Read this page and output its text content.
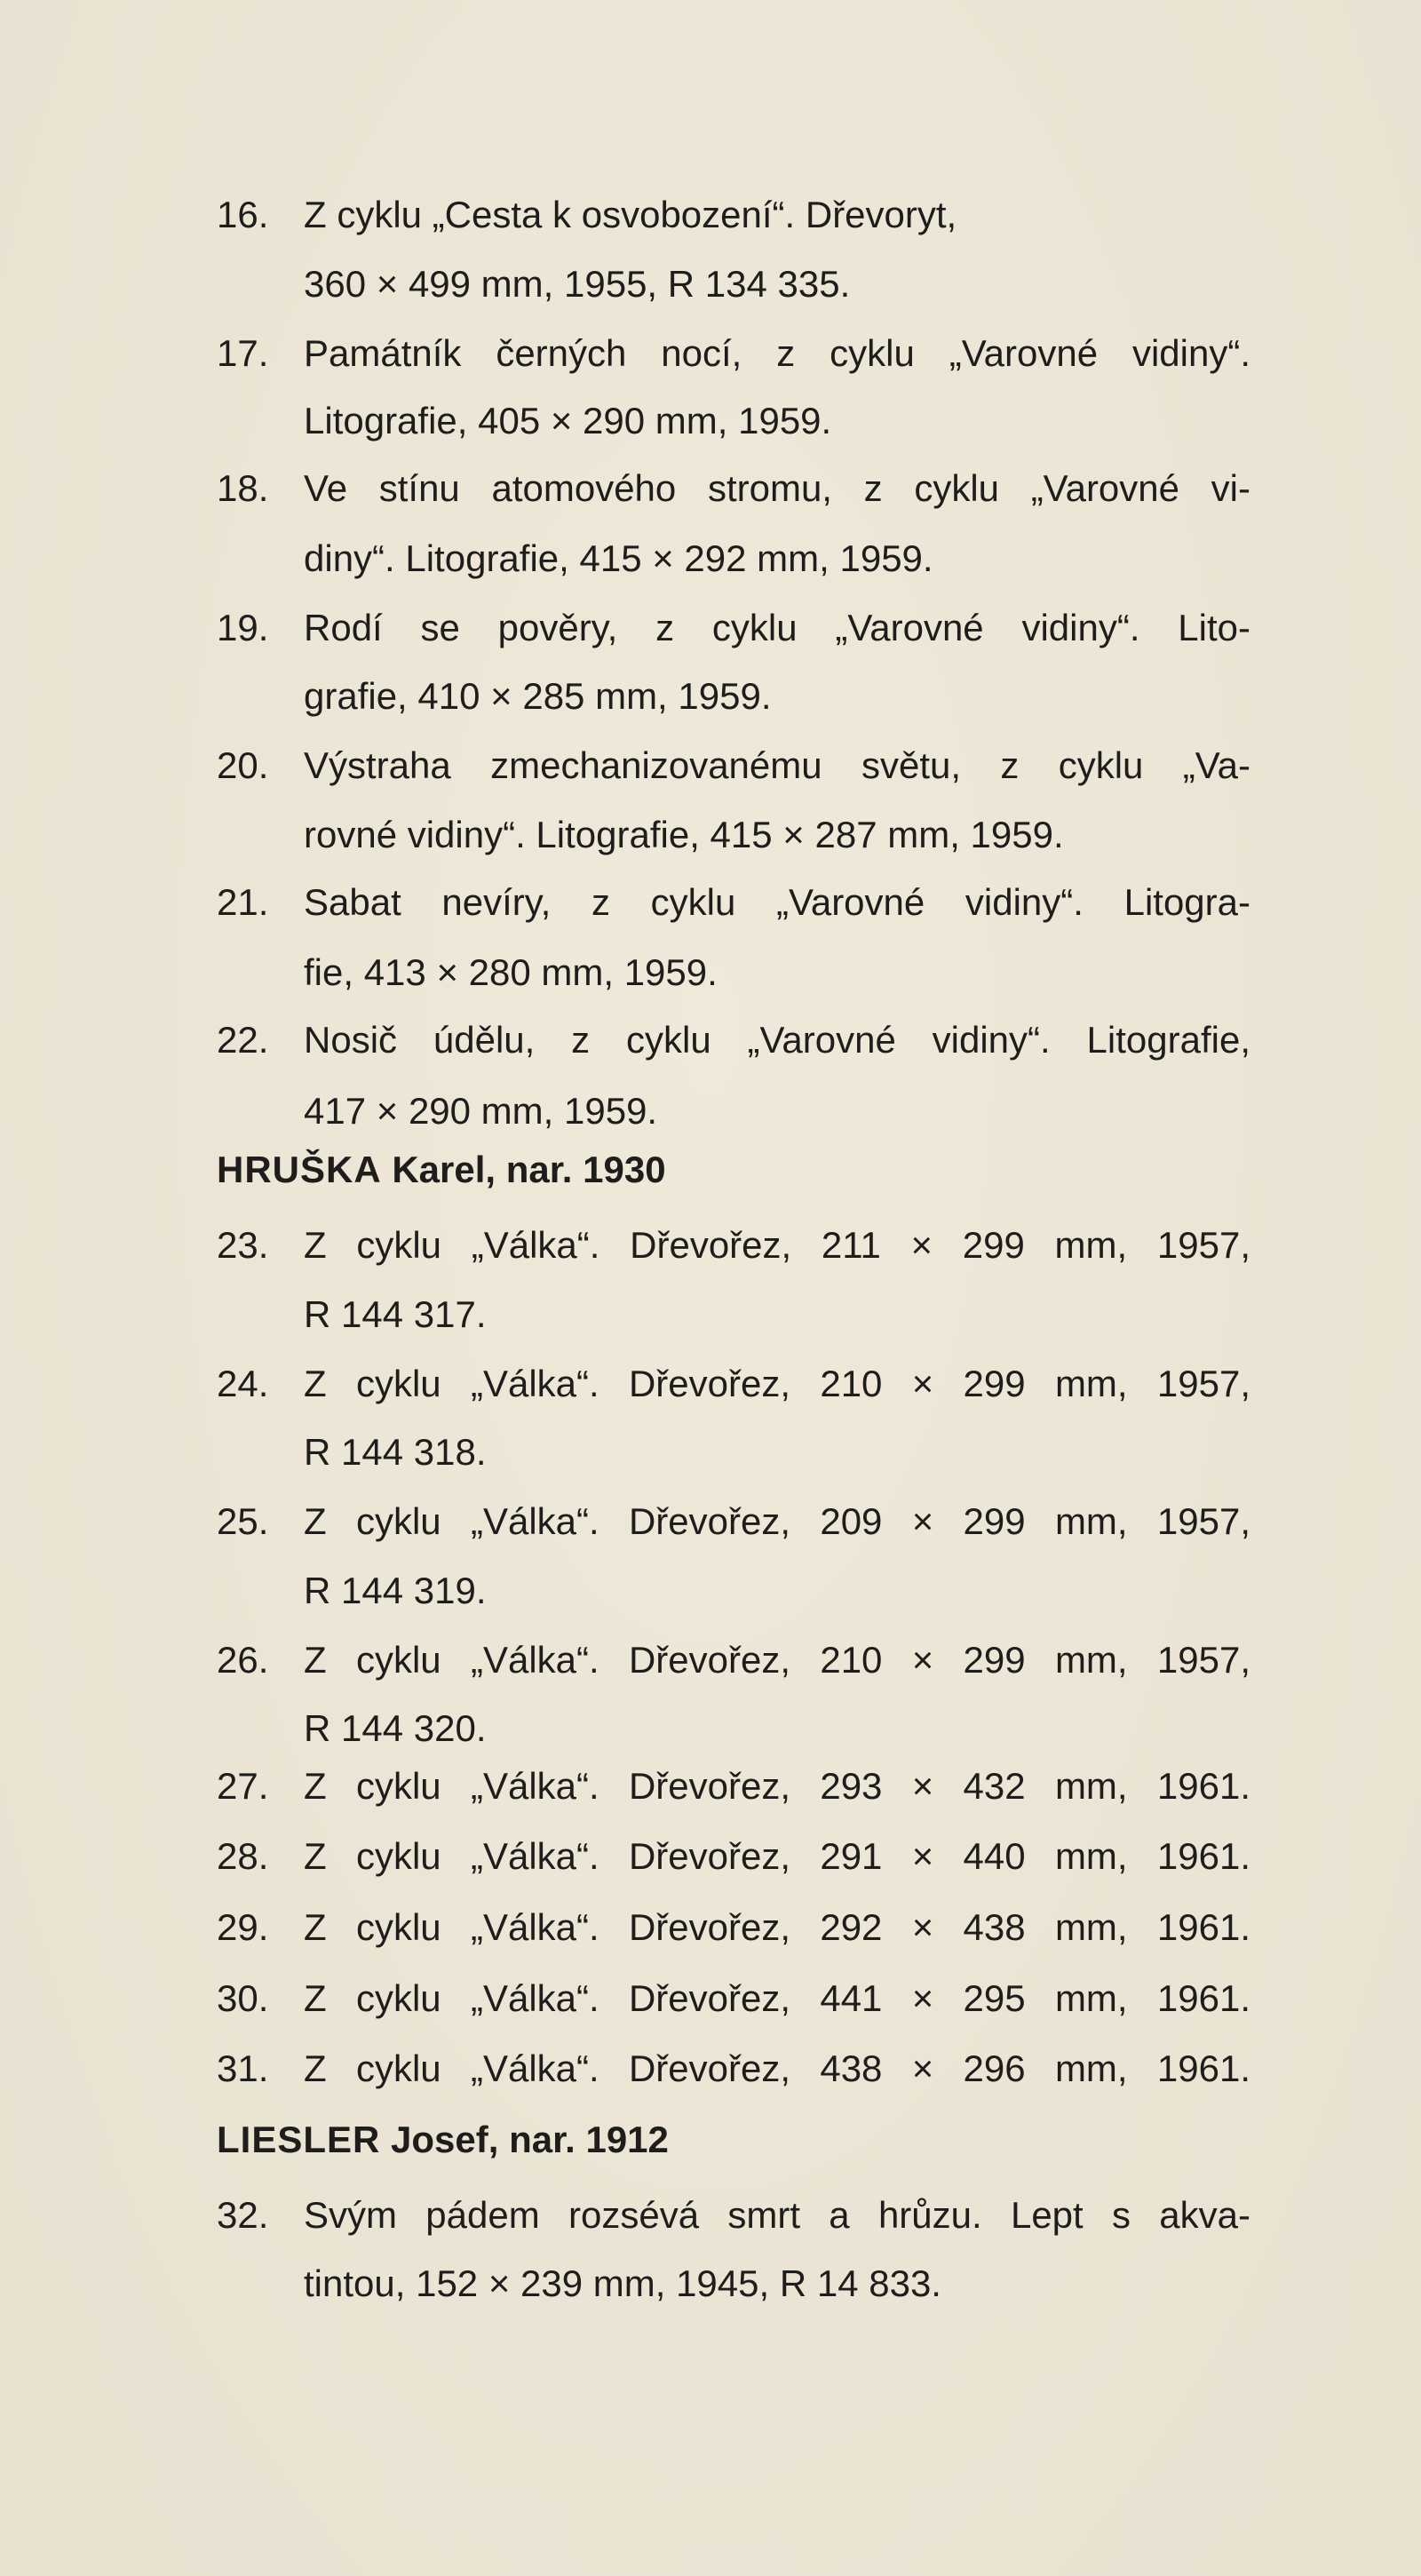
16. Z cyklu „Cesta k osvobození“. Dřevoryt,
360 × 499 mm, 1955, R 134 335.
17. Památník černých nocí, z cyklu „Varovné vidiny“.
Litografie, 405 × 290 mm, 1959.
18. Ve stínu atomového stromu, z cyklu „Varovné vi-
diny“. Litografie, 415 × 292 mm, 1959.
19. Rodí se pověry, z cyklu „Varovné vidiny“. Lito-
grafie, 410 × 285 mm, 1959.
20. Výstraha zmechanizovanému světu, z cyklu „Va-
rovné vidiny“. Litografie, 415 × 287 mm, 1959.
21. Sabat nevíry, z cyklu „Varovné vidiny“. Litogra-
fie, 413 × 280 mm, 1959.
22. Nosič údělu, z cyklu „Varovné vidiny“. Litografie,
417 × 290 mm, 1959.
HRUŠKA Karel, nar. 1930
23. Z cyklu „Válka“. Dřevořez, 211 × 299 mm, 1957,
R 144 317.
24. Z cyklu „Válka“. Dřevořez, 210 × 299 mm, 1957,
R 144 318.
25. Z cyklu „Válka“. Dřevořez, 209 × 299 mm, 1957,
R 144 319.
26. Z cyklu „Válka“. Dřevořez, 210 × 299 mm, 1957,
R 144 320.
27. Z cyklu „Válka“. Dřevořez, 293 × 432 mm, 1961.
28. Z cyklu „Válka“. Dřevořez, 291 × 440 mm, 1961.
29. Z cyklu „Válka“. Dřevořez, 292 × 438 mm, 1961.
30. Z cyklu „Válka“. Dřevořez, 441 × 295 mm, 1961.
31. Z cyklu „Válka“. Dřevořez, 438 × 296 mm, 1961.
LIESLER Josef, nar. 1912
32. Svým pádem rozsévá smrt a hrůzu. Lept s akva-
tintou, 152 × 239 mm, 1945, R 14 833.
